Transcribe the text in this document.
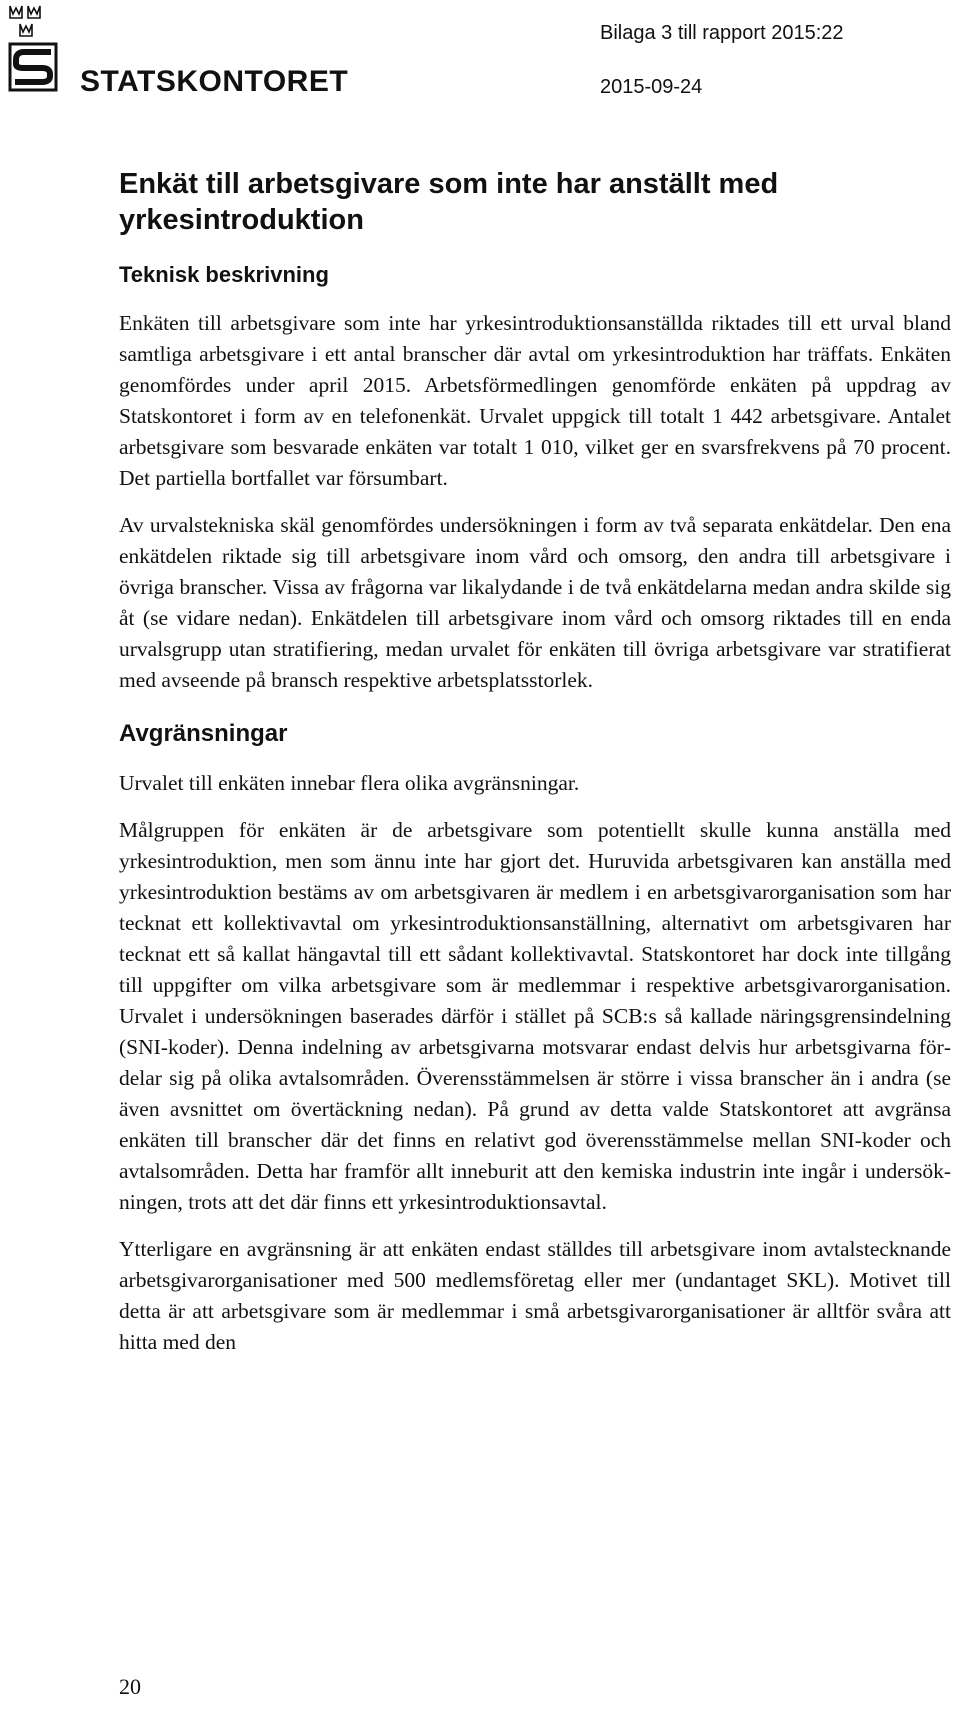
STATSKONTORET
Bilaga 3 till rapport 2015:22
2015-09-24
Enkät till arbetsgivare som inte har anställt med yrkesintroduktion
Teknisk beskrivning

Enkäten till arbetsgivare som inte har yrkesintroduktionsanställda riktades till ett urval bland samtliga arbetsgivare i ett antal branscher där avtal om yrkesintroduktion har träffats. Enkäten genomfördes under april 2015. Arbetsförmedlingen genomförde enkäten på uppdrag av Statskontoret i form av en telefonenkät. Urvalet uppgick till totalt 1 442 arbetsgivare. Antalet arbetsgivare som besvarade enkäten var totalt 1 010, vilket ger en svarsfrekvens på 70 procent. Det partiella bortfallet var försumbart.

Av urvalstekniska skäl genomfördes undersökningen i form av två separata enkätdelar. Den ena enkätdelen riktade sig till arbetsgivare inom vård och omsorg, den andra till arbetsgivare i övriga branscher. Vissa av frågorna var likalydande i de två enkätdelarna medan andra skilde sig åt (se vidare nedan). Enkätdelen till arbetsgivare inom vård och omsorg riktades till en enda urvalsgrupp utan stratifiering, medan urvalet för enkäten till övriga arbetsgivare var stratifierat med avseende på bransch respektive arbetsplatsstorlek.

Avgränsningar

Urvalet till enkäten innebar flera olika avgränsningar.

Målgruppen för enkäten är de arbetsgivare som potentiellt skulle kunna anställa med yrkesintroduktion, men som ännu inte har gjort det. Huruvida arbetsgivaren kan anställa med yrkesintroduktion bestäms av om arbetsgivaren är medlem i en arbetsgivarorganisation som har tecknat ett kollektivavtal om yrkesintroduktionsanställning, alternativt om arbetsgivaren har tecknat ett så kallat hängavtal till ett sådant kollektivavtal. Statskontoret har dock inte tillgång till uppgifter om vilka arbetsgivare som är medlemmar i respektive arbetsgivarorganisation. Urvalet i undersökningen baserades därför i stället på SCB:s så kallade näringsgrensindelning (SNI-koder). Denna indelning av arbetsgivarna motsvarar endast delvis hur arbetsgivarna fördelar sig på olika avtalsområden. Överensstämmelsen är större i vissa branscher än i andra (se även avsnittet om övertäckning nedan). På grund av detta valde Statskontoret att avgränsa enkäten till branscher där det finns en relativt god överensstämmelse mellan SNI-koder och avtalsområden. Detta har framför allt inneburit att den kemiska industrin inte ingår i undersökningen, trots att det där finns ett yrkesintroduktionsavtal.

Ytterligare en avgränsning är att enkäten endast ställdes till arbetsgivare inom avtalstecknande arbetsgivarorganisationer med 500 medlemsföretag eller mer (undantaget SKL). Motivet till detta är att arbetsgivare som är medlemmar i små arbetsgivarorganisationer är alltför svåra att hitta med den

20
